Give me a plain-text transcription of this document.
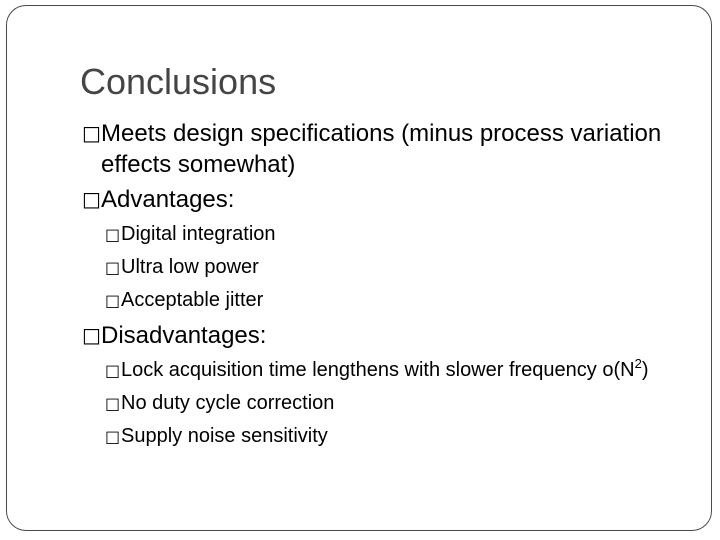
Conclusions
□ Meets design specifications (minus process variation effects somewhat)
□ Advantages:
□ Digital integration
□ Ultra low power
□ Acceptable jitter
□ Disadvantages:
□ Lock acquisition time lengthens with slower frequency $o(N^2)$
□ No duty cycle correction
□ Supply noise sensitivity
